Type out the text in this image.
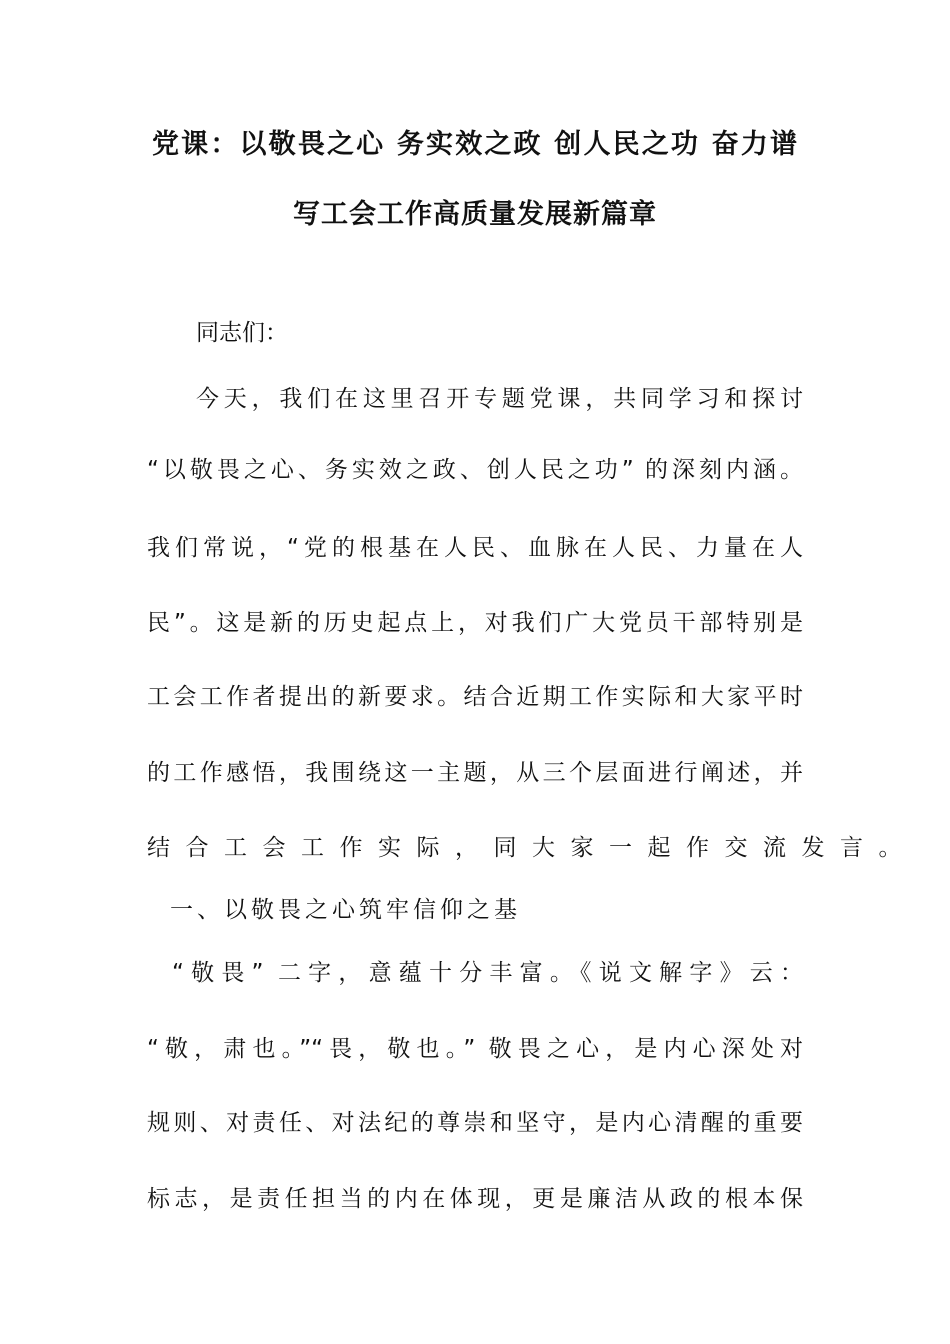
党课：以敬畏之心 务实效之政 创人民之功 奋力谱
写工会工作高质量发展新篇章
同志们：
今天，我们在这里召开专题党课，共同学习和探讨
“以敬畏之心、务实效之政、创人民之功” 的深刻内涵。
我们常说，“党的根基在人民、血脉在人民、力量在人
民”。这是新的历史起点上，对我们广大党员干部特别是
工会工作者提出的新要求。结合近期工作实际和大家平时
的工作感悟，我围绕这一主题，从三个层面进行阐述，并
结合工会工作实际，同大家一起作交流发言。
一、以敬畏之心筑牢信仰之基
“敬畏” 二字，意蕴十分丰富。《说文解字》云：
“敬，肃也。”“畏，敬也。” 敬畏之心，是内心深处对
规则、对责任、对法纪的尊崇和坚守，是内心清醒的重要
标志，是责任担当的内在体现，更是廉洁从政的根本保
